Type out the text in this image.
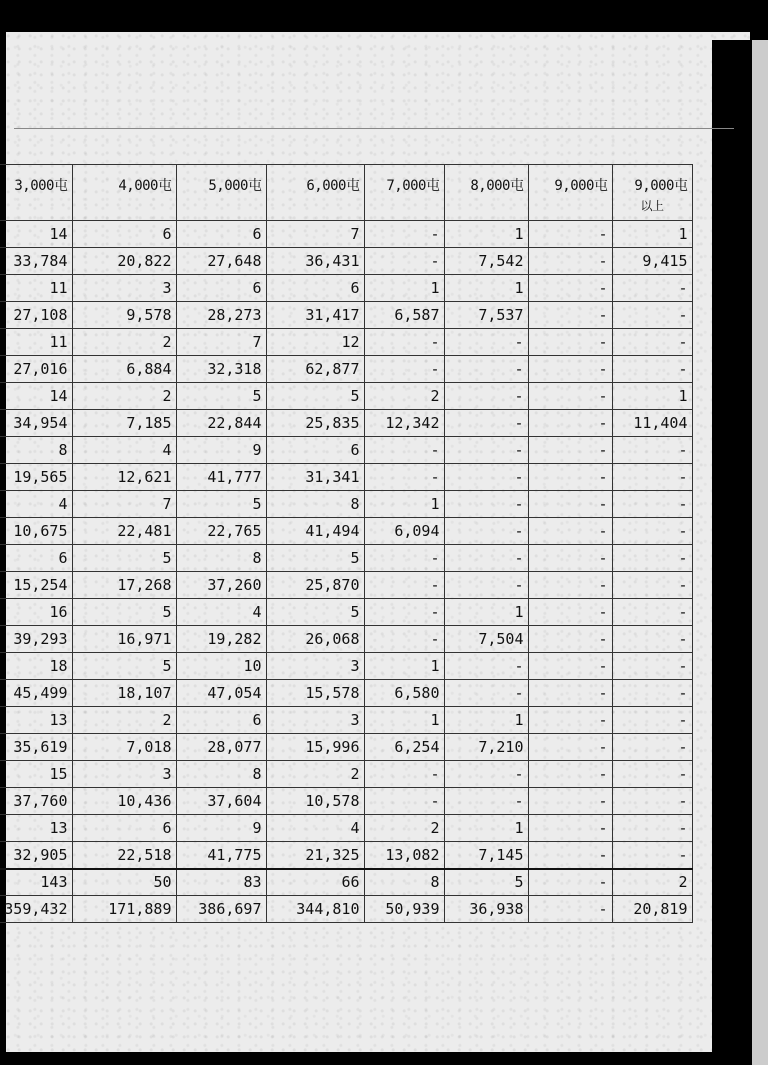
3,000屯	4,000屯	5,000屯	6,000屯	7,000屯	8,000屯	9,000屯	9,000屯
以上

14	6	6	7	-	1	-	1
33,784	20,822	27,648	36,431	-	7,542	-	9,415
11	3	6	6	1	1	-	-
27,108	9,578	28,273	31,417	6,587	7,537	-	-
11	2	7	12	-	-	-	-
27,016	6,884	32,318	62,877	-	-	-	-
14	2	5	5	2	-	-	1
34,954	7,185	22,844	25,835	12,342	-	-	11,404
8	4	9	6	-	-	-	-
19,565	12,621	41,777	31,341	-	-	-	-
4	7	5	8	1	-	-	-
10,675	22,481	22,765	41,494	6,094	-	-	-
6	5	8	5	-	-	-	-
15,254	17,268	37,260	25,870	-	-	-	-
16	5	4	5	-	1	-	-
39,293	16,971	19,282	26,068	-	7,504	-	-
18	5	10	3	1	-	-	-
45,499	18,107	47,054	15,578	6,580	-	-	-
13	2	6	3	1	1	-	-
35,619	7,018	28,077	15,996	6,254	7,210	-	-
15	3	8	2	-	-	-	-
37,760	10,436	37,604	10,578	-	-	-	-
13	6	9	4	2	1	-	-
32,905	22,518	41,775	21,325	13,082	7,145	-	-
143	50	83	66	8	5	-	2
359,432	171,889	386,697	344,810	50,939	36,938	-	20,819
